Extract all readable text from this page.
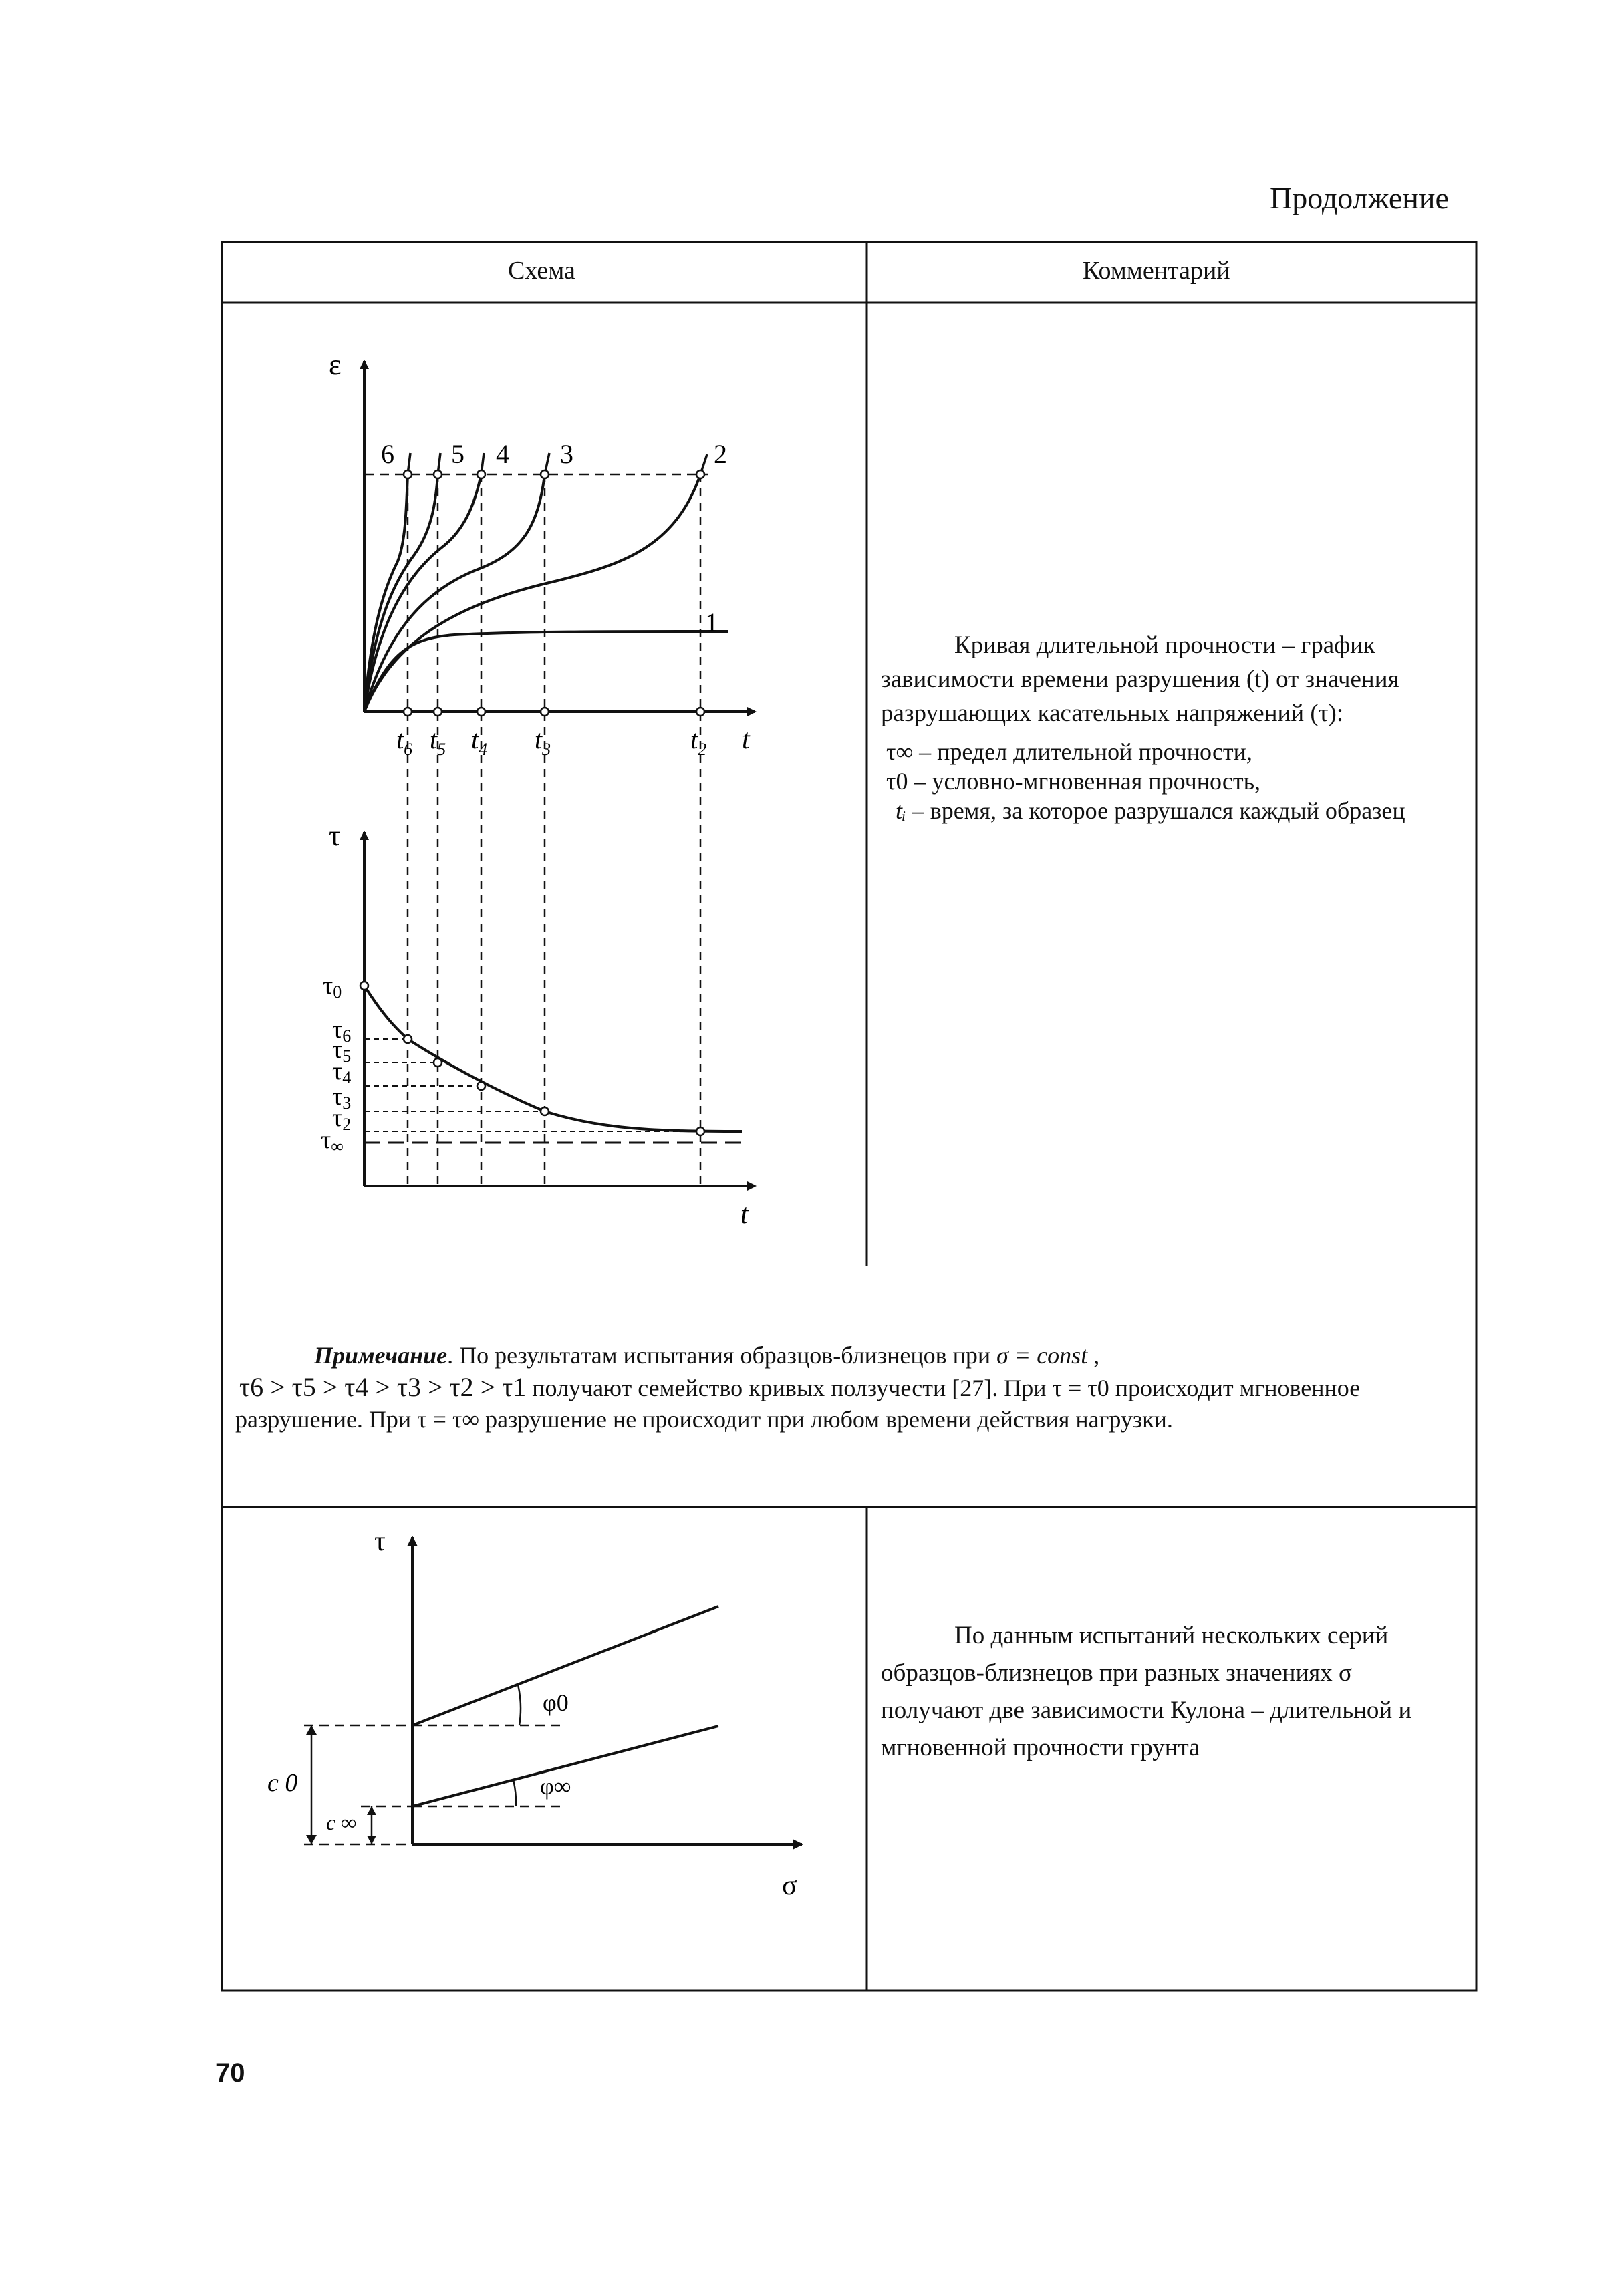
Продолжение
Схема	Комментарий
ε
t
1
2
3
4
5
6
$t_6$ $t_5$ $t_4$ $t_3$	$t_2$
τ
t
τ0
τ6
τ5
τ4
τ3
τ2
τ∞

Кривая длительной прочности – график зависимости времени разрушения (t) от значения разрушающих касательных напряжений (τ):

τ∞ – предел длительной прочности,
τ0 – условно-мгновенная прочность,
tᵢ – время, за которое разрушался каждый образец
Примечание. По результатам испытания образцов-близнецов при σ = const ,
τ6 > τ5 > τ4 > τ3 > τ2 > τ1 получают семейство кривых ползучести [27]. При τ = τ0 происходит мгновенное разрушение. При τ = τ∞ разрушение не происходит при любом времени действия нагрузки.
τ
σ
φ0
φ∞
c 0
c ∞

По данным испытаний нескольких серий образцов-близнецов при разных значениях σ получают две зависимости Кулона – длительной и мгновенной прочности грунта

70
